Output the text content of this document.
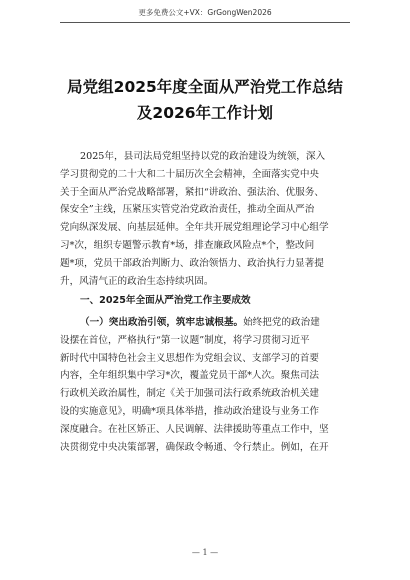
更多免费公文+VX：GrGongWen2026
局党组2025年度全面从严治党工作总结
及2026年工作计划
2025年，县司法局党组坚持以党的政治建设为统领，深入
学习贯彻党的二十大和二十届历次全会精神，全面落实党中央
关于全面从严治党战略部署，紧扣“讲政治、强法治、优服务、
保安全”主线，压紧压实管党治党政治责任，推动全面从严治
党向纵深发展、向基层延伸。全年共开展党组理论学习中心组学
习*次，组织专题警示教育*场，排查廉政风险点*个，整改问
题*项，党员干部政治判断力、政治领悟力、政治执行力显著提
升，风清气正的政治生态持续巩固。
一、2025年全面从严治党工作主要成效
（一）突出政治引领，筑牢忠诚根基。始终把党的政治建
设摆在首位，严格执行“第一议题”制度，将学习贯彻习近平
新时代中国特色社会主义思想作为党组会议、支部学习的首要
内容，全年组织集中学习*次，覆盖党员干部*人次。聚焦司法
行政机关政治属性，制定《关于加强司法行政系统政治机关建
设的实施意见》，明确*项具体举措，推动政治建设与业务工作
深度融合。在社区矫正、人民调解、法律援助等重点工作中，坚
决贯彻党中央决策部署，确保政令畅通、令行禁止。例如，在开
— 1 —
